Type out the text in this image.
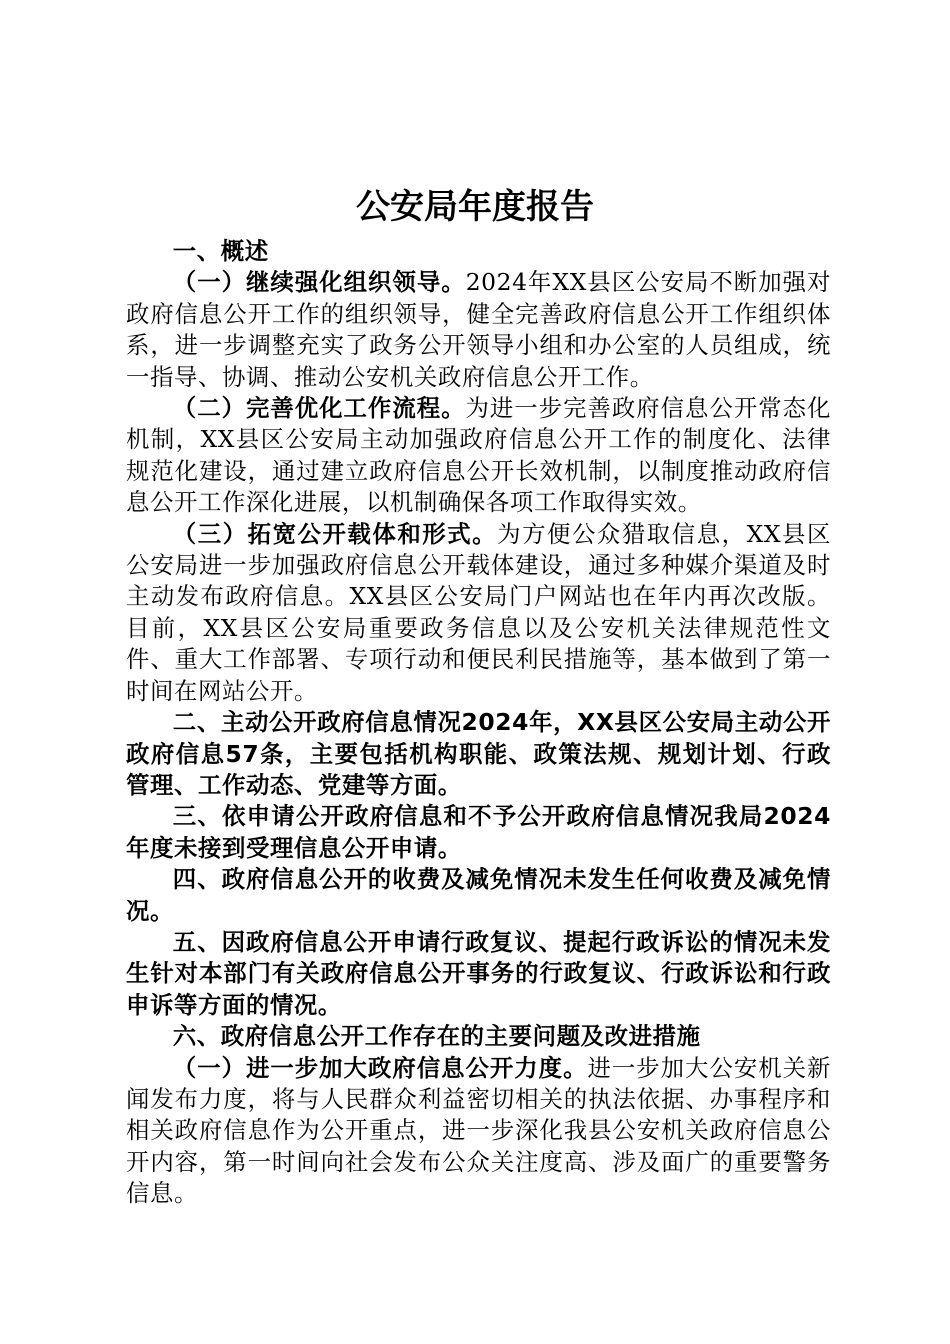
公安局年度报告

一、概述

（一）继续强化组织领导。2024年XX县区公安局不断加强对政府信息公开工作的组织领导，健全完善政府信息公开工作组织体系，进一步调整充实了政务公开领导小组和办公室的人员组成，统一指导、协调、推动公安机关政府信息公开工作。

（二）完善优化工作流程。为进一步完善政府信息公开常态化机制，XX县区公安局主动加强政府信息公开工作的制度化、法律规范化建设，通过建立政府信息公开长效机制，以制度推动政府信息公开工作深化进展，以机制确保各项工作取得实效。

（三）拓宽公开载体和形式。为方便公众猎取信息，XX县区公安局进一步加强政府信息公开载体建设，通过多种媒介渠道及时主动发布政府信息。XX县区公安局门户网站也在年内再次改版。目前，XX县区公安局重要政务信息以及公安机关法律规范性文件、重大工作部署、专项行动和便民利民措施等，基本做到了第一时间在网站公开。

二、主动公开政府信息情况2024年，XX县区公安局主动公开政府信息57条，主要包括机构职能、政策法规、规划计划、行政管理、工作动态、党建等方面。

三、依申请公开政府信息和不予公开政府信息情况我局2024年度未接到受理信息公开申请。

四、政府信息公开的收费及减免情况未发生任何收费及减免情况。

五、因政府信息公开申请行政复议、提起行政诉讼的情况未发生针对本部门有关政府信息公开事务的行政复议、行政诉讼和行政申诉等方面的情况。

六、政府信息公开工作存在的主要问题及改进措施

（一）进一步加大政府信息公开力度。进一步加大公安机关新闻发布力度，将与人民群众利益密切相关的执法依据、办事程序和相关政府信息作为公开重点，进一步深化我县公安机关政府信息公开内容，第一时间向社会发布公众关注度高、涉及面广的重要警务信息。
